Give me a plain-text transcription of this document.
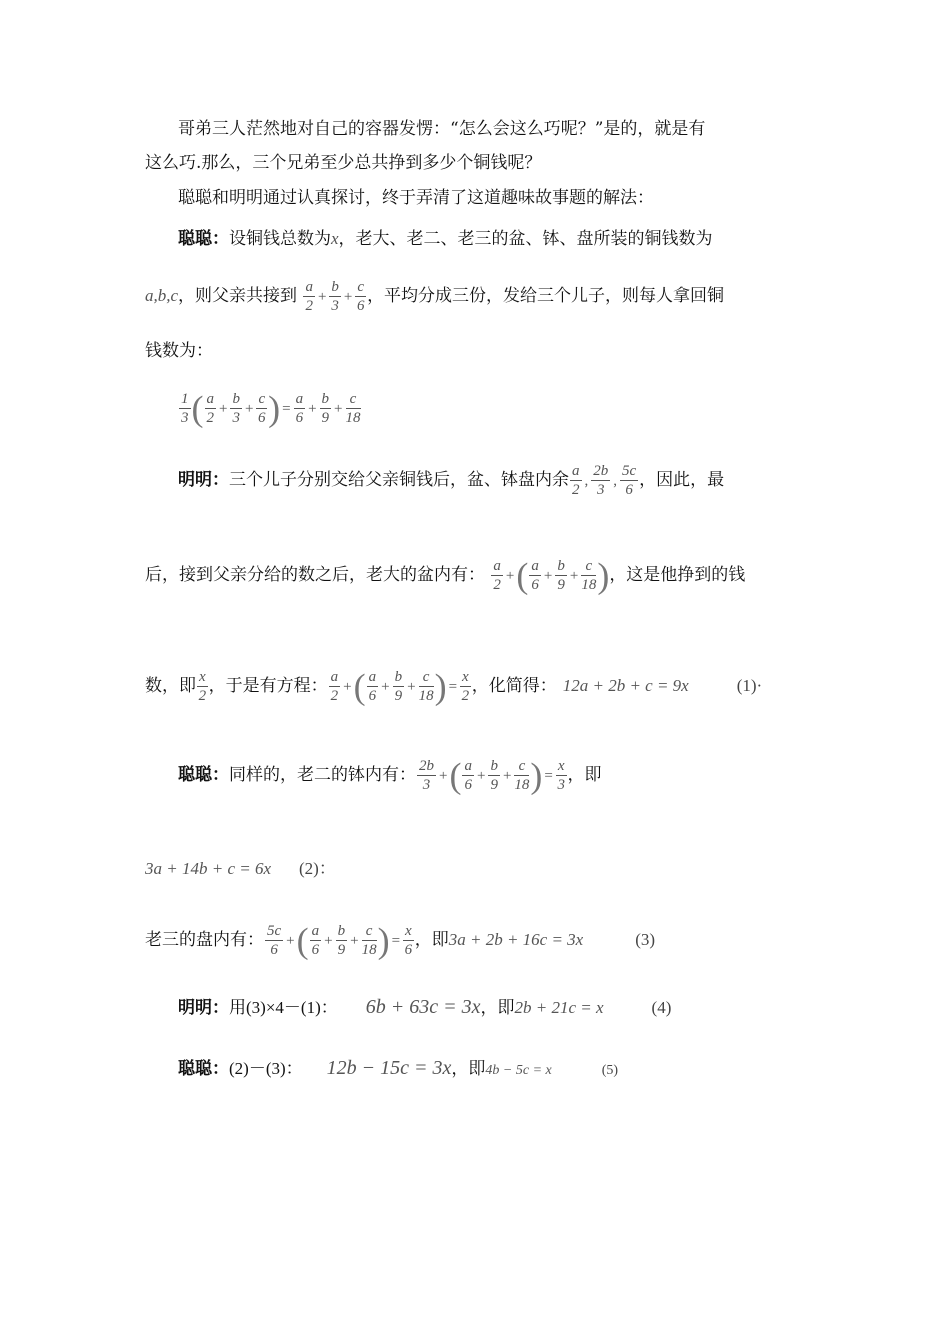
哥弟三人茫然地对自己的容器发愣：“怎么会这么巧呢？”是的，就是有
这么巧.那么，三个兄弟至少总共挣到多少个铜钱呢？
聪聪和明明通过认真探讨，终于弄清了这道趣味故事题的解法：
聪聪：设铜钱总数为x，老大、老二、老三的盆、钵、盘所装的铜钱数为
a,b,c，则父亲共接到 $\frac{a}{2} + \frac{b}{3} + \frac{c}{6}$ ，平均分成三份，发给三个儿子，则每人拿回铜
钱数为：
$\frac{1}{3}$ ( $\frac{a}{2} + \frac{b}{3} + \frac{c}{6}$ ) = $\frac{a}{6} + \frac{b}{9} + \frac{c}{18}$
明明：三个儿子分别交给父亲铜钱后，盆、钵盘内余 $\frac{a}{2}$ , $\frac{2b}{3}$ , $\frac{5c}{6}$ ，因此，最
后，接到父亲分给的数之后，老大的盆内有： $\frac{a}{2}$ +( $\frac{a}{6} + \frac{b}{9} + \frac{c}{18}$ )，这是他挣到的钱
数，即 $\frac{x}{2}$ ，于是有方程： $\frac{a}{2}$ +( $\frac{a}{6} + \frac{b}{9} + \frac{c}{18}$ ) = $\frac{x}{2}$ ，化简得： 12a + 2b + c = 9x	(1)·
聪聪：同样的，老二的钵内有： $\frac{2b}{3}$ +( $\frac{a}{6} + \frac{b}{9} + \frac{c}{18}$ ) = $\frac{x}{3}$ ，即
3a + 14b + c = 6x (2)：
老三的盘内有： $\frac{5c}{6}$ +( $\frac{a}{6} + \frac{b}{9} + \frac{c}{18}$ ) = $\frac{x}{6}$ ，即3a + 2b + 16c = 3x	(3)
明明：用(3)×4－(1)： 6b + 63c = 3x，即2b + 21c = x	(4)
聪聪：(2)－(3)： 12b − 15c = 3x，即4b − 5c = x	(5)
